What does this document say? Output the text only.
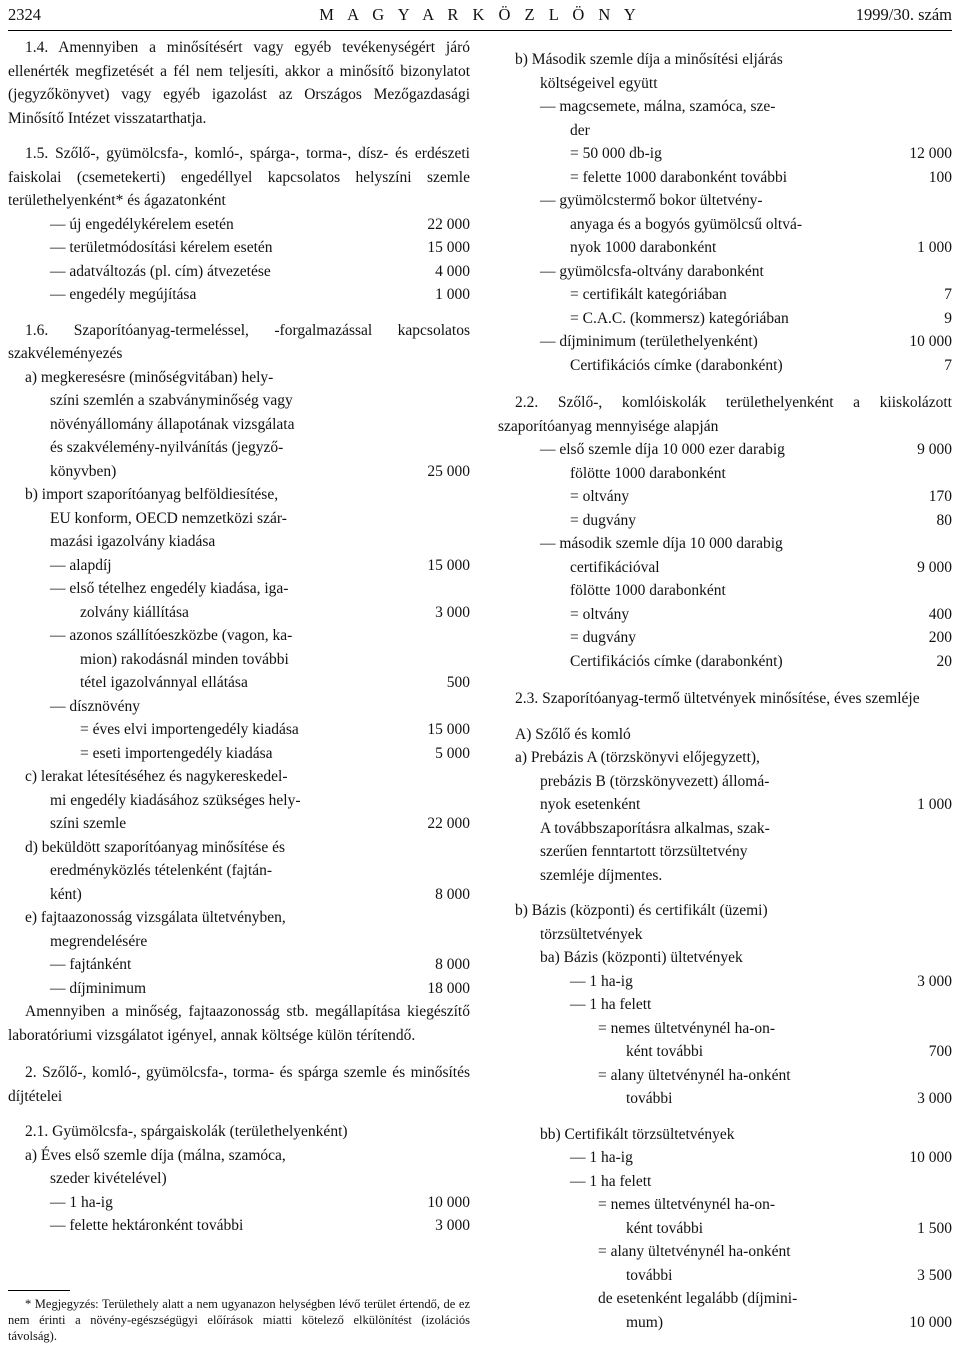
M A G Y A R K Ö Z L Ö N Y
2324	1999/30. szám

1.4. Amennyiben a minősítésért vagy egyéb tevékenységért járó ellenérték megfizetését a fél nem teljesíti, akkor a minősítő bizonylatot (jegyzőkönyvet) vagy egyéb igazolást az Országos Mezőgazdasági Minősítő Intézet visszatarthatja.

1.5. Szőlő-, gyümölcsfa-, komló-, spárga-, torma-, dísz- és erdészeti faiskolai (csemetekerti) engedéllyel kapcsolatos helyszíni szemle területhelyenként* és ágazatonként

— új engedélykérelem esetén	22 000
— területmódosítási kérelem esetén	15 000
— adatváltozás (pl. cím) átvezetése	4 000
— engedély megújítása	1 000

1.6. Szaporítóanyag-termeléssel, -forgalmazással kapcsolatos szakvéleményezés

a) megkeresésre (minőségvitában) hely-
színi szemlén a szabványminőség vagy
növényállomány állapotának vizsgálata
és szakvélemény-nyilvánítás (jegyző-
könyvben)	25 000
b) import szaporítóanyag belföldiesítése,
EU konform, OECD nemzetközi szár-
mazási igazolvány kiadása
— alapdíj	15 000
— első tételhez engedély kiadása, iga-
zolvány kiállítása	3 000
— azonos szállítóeszközbe (vagon, ka-
mion) rakodásnál minden további
tétel igazolvánnyal ellátása	500
— dísznövény
= éves elvi importengedély kiadása	15 000
= eseti importengedély kiadása	5 000
c) lerakat létesítéséhez és nagykereskedel-
mi engedély kiadásához szükséges hely-
színi szemle	22 000
d) beküldött szaporítóanyag minősítése és
eredményközlés tételenként (fajtán-
ként)	8 000
e) fajtaazonosság vizsgálata ültetvényben,
megrendelésére
— fajtánként	8 000
— díjminimum	18 000

Amennyiben a minőség, fajtaazonosság stb. megállapítása kiegészítő laboratóriumi vizsgálatot igényel, annak költsége külön térítendő.

2. Szőlő-, komló-, gyümölcsfa-, torma- és spárga szemle és minősítés díjtételei

2.1. Gyümölcsfa-, spárgaiskolák (területhelyenként)
a) Éves első szemle díja (málna, szamóca,
szeder kivételével)
— 1 ha-ig	10 000
— felette hektáronként további	3 000
b) Második szemle díja a minősítési eljárás
költségeivel együtt
— magcsemete, málna, szamóca, sze-
der
= 50 000 db-ig	12 000
= felette 1000 darabonként további	100
— gyümölcstermő bokor ültetvény-
anyaga és a bogyós gyümölcsű oltvá-
nyok 1000 darabonként	1 000
— gyümölcsfa-oltvány darabonként
= certifikált kategóriában	7
= C.A.C. (kommersz) kategóriában	9
— díjminimum (területhelyenként)	10 000
Certifikációs címke (darabonként)	7

2.2. Szőlő-, komlóiskolák területhelyenként a kiiskolázott szaporítóanyag mennyisége alapján

— első szemle díja 10 000 ezer darabig	9 000
fölötte 1000 darabonként
= oltvány	170
= dugvány	80
— második szemle díja 10 000 darabig
certifikációval	9 000
fölötte 1000 darabonként
= oltvány	400
= dugvány	200
Certifikációs címke (darabonként)	20

2.3. Szaporítóanyag-termő ültetvények minősítése, éves szemléje

A) Szőlő és komló
a) Prebázis A (törzskönyvi előjegyzett),
prebázis B (törzskönyvezett) állomá-
nyok esetenként	1 000
A továbbszaporításra alkalmas, szak-
szerűen fenntartott törzsültetvény
szemléje díjmentes.
b) Bázis (központi) és certifikált (üzemi)
törzsültetvények
ba) Bázis (központi) ültetvények
— 1 ha-ig	3 000
— 1 ha felett
= nemes ültetvénynél ha-on-
ként további	700
= alany ültetvénynél ha-onként
további	3 000
bb) Certifikált törzsültetvények
— 1 ha-ig	10 000
— 1 ha felett
= nemes ültetvénynél ha-on-
ként további	1 500
= alany ültetvénynél ha-onként
további	3 500
de esetenként legalább (díjmini-
mum)	10 000
* Megjegyzés: Területhely alatt a nem ugyanazon helységben lévő terület értendő, de ez nem érinti a növény-egészségügyi előírások miatti kötelező elkülönítést (izolációs távolság).
